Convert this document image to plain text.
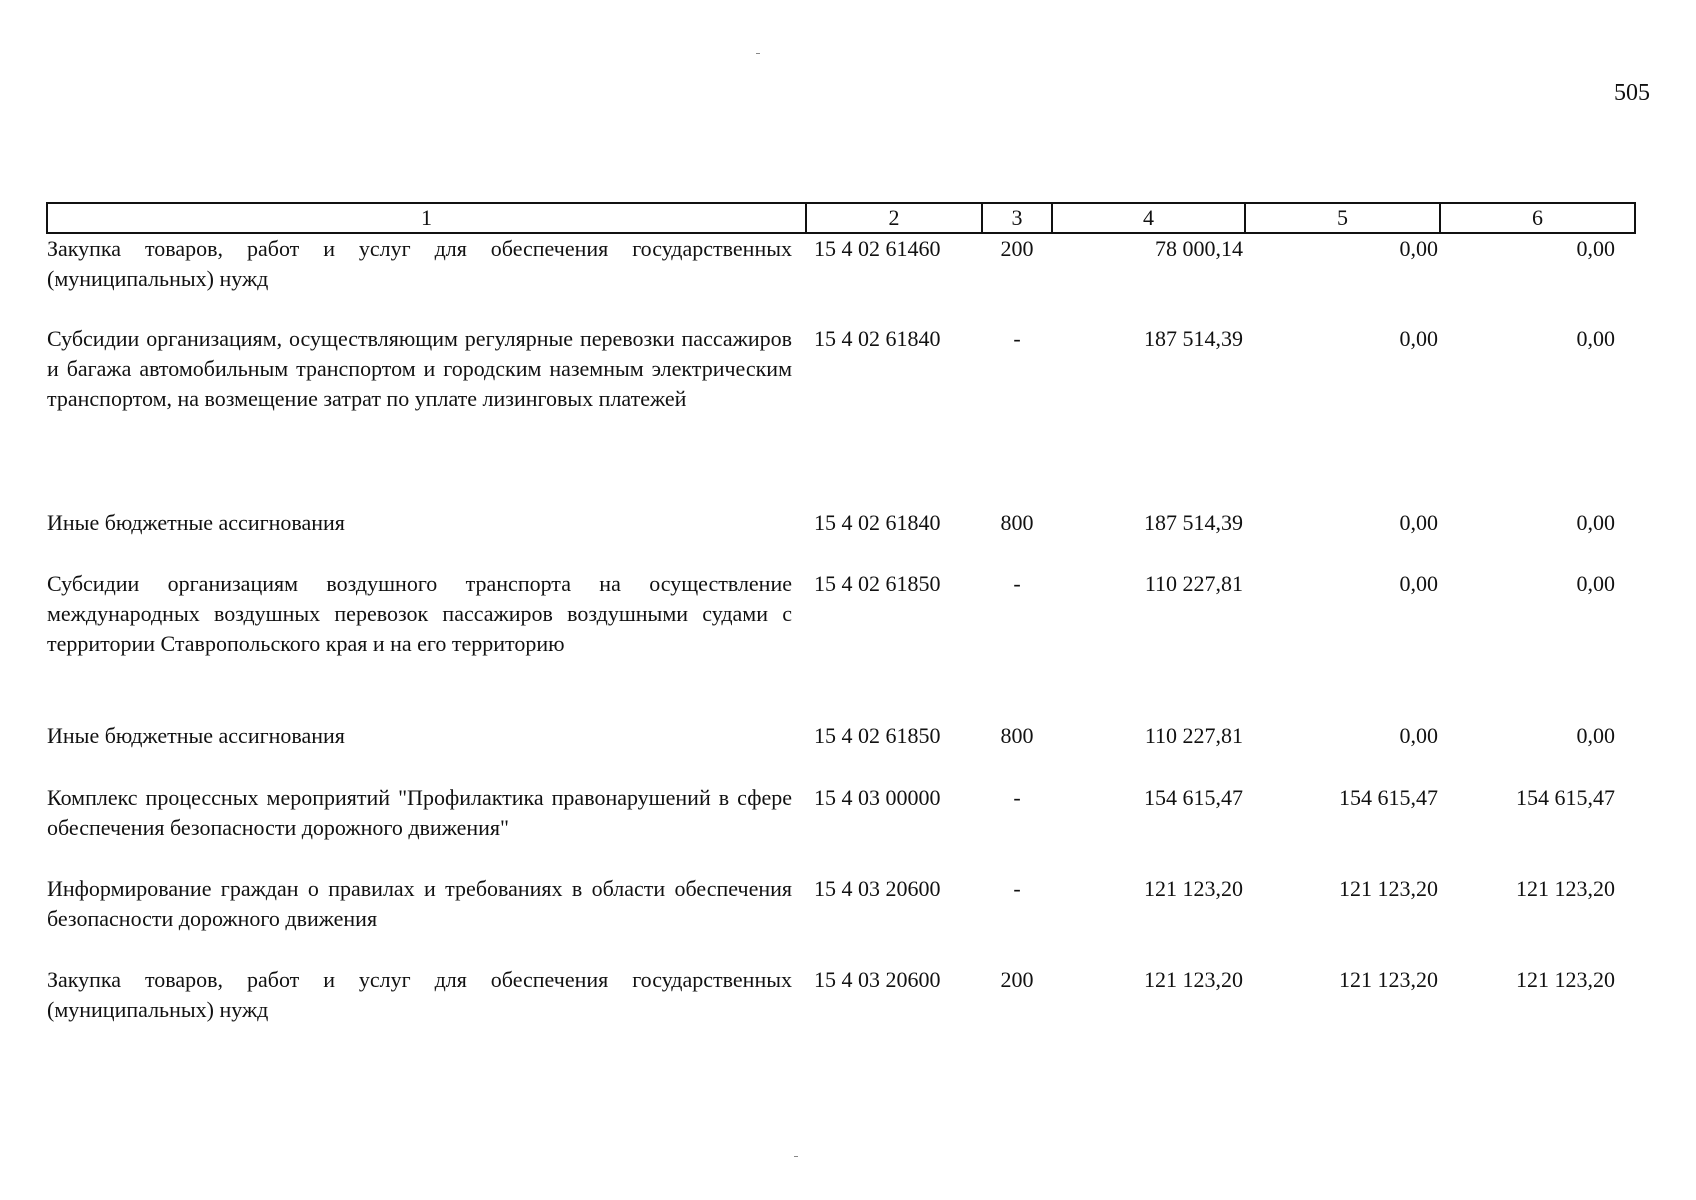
505
1	2	3	4	5	6
Закупка товаров, работ и услуг для обеспечения государственных (муниципальных) нужд	15 4 02 61460	200	78 000,14	0,00	0,00
Субсидии организациям, осуществляющим регулярные перевозки пассажиров и багажа автомобильным транспортом и городским наземным электрическим транспортом, на возмещение затрат по уплате лизинговых платежей	15 4 02 61840	-	187 514,39	0,00	0,00
Иные бюджетные ассигнования	15 4 02 61840	800	187 514,39	0,00	0,00
Субсидии организациям воздушного транспорта на осуществление международных воздушных перевозок пассажиров воздушными судами с территории Ставропольского края и на его территорию	15 4 02 61850	-	110 227,81	0,00	0,00
Иные бюджетные ассигнования	15 4 02 61850	800	110 227,81	0,00	0,00
Комплекс процессных мероприятий "Профилактика правонарушений в сфере обеспечения безопасности дорожного движения"	15 4 03 00000	-	154 615,47	154 615,47	154 615,47
Информирование граждан о правилах и требованиях в области обеспечения безопасности дорожного движения	15 4 03 20600	-	121 123,20	121 123,20	121 123,20
Закупка товаров, работ и услуг для обеспечения государственных (муниципальных) нужд	15 4 03 20600	200	121 123,20	121 123,20	121 123,20
